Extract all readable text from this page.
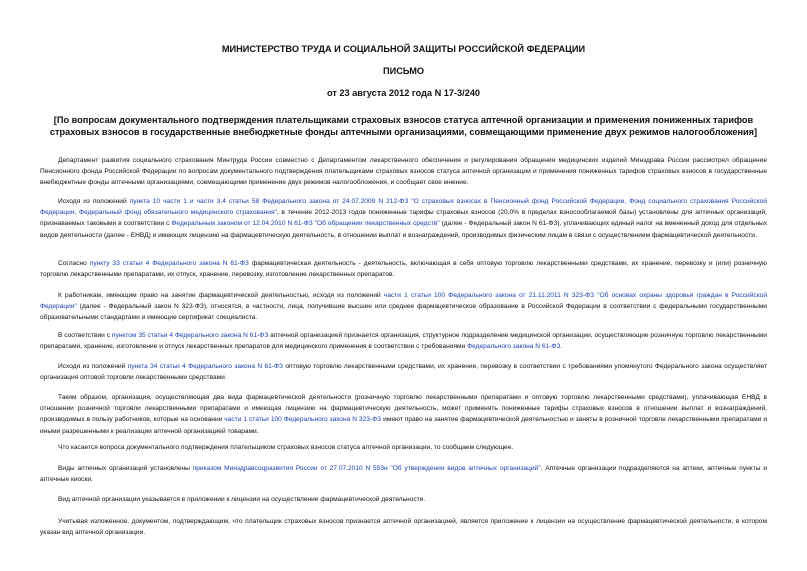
МИНИСТЕРСТВО ТРУДА И СОЦИАЛЬНОЙ ЗАЩИТЫ РОССИЙСКОЙ ФЕДЕРАЦИИ
ПИСЬМО
от 23 августа 2012 года N 17-3/240
[По вопросам документального подтверждения плательщиками страховых взносов статуса аптечной организации и применения пониженных тарифов страховых взносов в государственные внебюджетные фонды аптечными организациями, совмещающими применение двух режимов налогообложения]

Департамент развития социального страхования Минтруда России совместно с Департаментом лекарственного обеспечения и регулирования обращения медицинских изделий Минздрава России рассмотрел обращение Пенсионного фонда Российской Федерации по вопросам документального подтверждения плательщиками страховых взносов статуса аптечной организации и применения пониженных тарифов страховых взносов в государственные внебюджетные фонды аптечными организациями, совмещающими применение двух режимов налогообложения, и сообщает свое мнение.

Исходя из положений пункта 10 части 1 и части 3.4 статьи 58 Федерального закона от 24.07.2009 N 212-ФЗ "О страховых взносах в Пенсионный фонд Российской Федерации, Фонд социального страхования Российской Федерации, Федеральный фонд обязательного медицинского страхования", в течение 2012-2013 годов пониженные тарифы страховых взносов (20,0% в пределах взносооблагаемой базы) установлены для аптечных организаций, признаваемых таковыми в соответствии с Федеральным законом от 12.04.2010 N 61-ФЗ "Об обращении лекарственных средств" (далее - Федеральный закон N 61-ФЗ), уплачивающих единый налог на вмененный доход для отдельных видов деятельности (далее - ЕНВД) и имеющих лицензию на фармацевтическую деятельность, в отношении выплат и вознаграждений, производимых физическим лицам в связи с осуществлением фармацевтической деятельности.

Согласно пункту 33 статьи 4 Федерального закона N 61-ФЗ фармацевтическая деятельность - деятельность, включающая в себя оптовую торговлю лекарственными средствами, их хранение, перевозку и (или) розничную торговлю лекарственными препаратами, их отпуск, хранение, перевозку, изготовление лекарственных препаратов.

К работникам, имеющим право на занятие фармацевтической деятельностью, исходя из положений части 1 статьи 100 Федерального закона от 21.11.2011 N 323-ФЗ "Об основах охраны здоровья граждан в Российской Федерации" (далее - Федеральный закон N 323-ФЗ), относятся, в частности, лица, получившие высшее или среднее фармацевтическое образование в Российской Федерации в соответствии с федеральными государственными образовательными стандартами и имеющие сертификат специалиста.

В соответствии с пунктом 35 статьи 4 Федерального закона N 61-ФЗ аптечной организацией признается организация, структурное подразделение медицинской организации, осуществляющие розничную торговлю лекарственными препаратами, хранение, изготовление и отпуск лекарственных препаратов для медицинского применения в соответствии с требованиями Федерального закона N 61-ФЗ.

Исходя из положений пункта 34 статьи 4 Федерального закона N 61-ФЗ оптовую торговлю лекарственными средствами, их хранение, перевозку в соответствии с требованиями упомянутого Федерального закона осуществляет организация оптовой торговли лекарственными средствами.

Таким образом, организация, осуществляющая два вида фармацевтической деятельности (розничную торговлю лекарственными препаратами и оптовую торговлю лекарственными средствами), уплачивающая ЕНВД в отношении розничной торговли лекарственными препаратами и имеющая лицензию на фармацевтическую деятельность, может применять пониженные тарифы страховых взносов в отношении выплат и вознаграждений, производимых в пользу работников, которые на основании части 1 статьи 100 Федерального закона N 323-ФЗ имеют право на занятие фармацевтической деятельностью и заняты в розничной торговле лекарственными препаратами и иными разрешенными к реализации аптечной организацией товарами.

Что касается вопроса документального подтверждения плательщиком страховых взносов статуса аптечной организации, то сообщаем следующее.

Виды аптечных организаций установлены приказом Минздравсоцразвития России от 27.07.2010 N 553н "Об утверждении видов аптечных организаций". Аптечные организации подразделяются на аптеки, аптечные пункты и аптечные киоски.

Вид аптечной организации указывается в приложении к лицензии на осуществление фармацевтической деятельности.

Учитывая изложенное, документом, подтверждающим, что плательщик страховых взносов признается аптечной организацией, является приложение к лицензии на осуществление фармацевтической деятельности, в котором указан вид аптечной организации.
